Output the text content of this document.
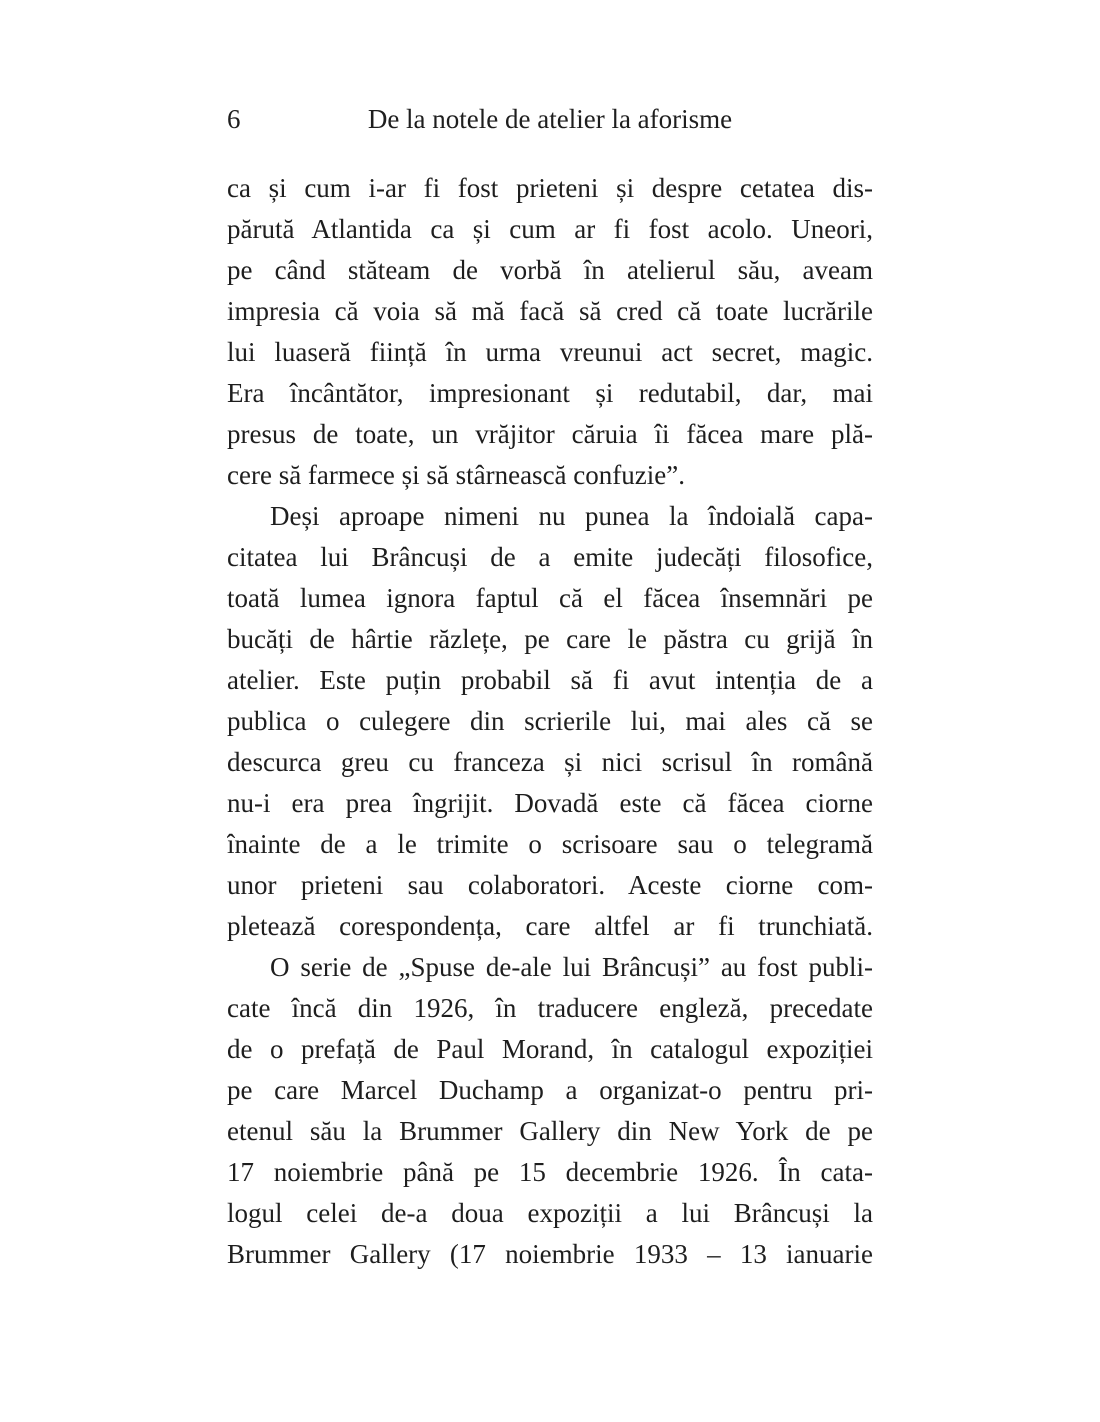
6	De la notele de atelier la aforisme

ca și cum i-ar fi fost prieteni și despre cetatea dis-
părută Atlantida ca și cum ar fi fost acolo. Uneori,
pe când stăteam de vorbă în atelierul său, aveam
impresia că voia să mă facă să cred că toate lucrările
lui luaseră ființă în urma vreunui act secret, magic.
Era încântător, impresionant și redutabil, dar, mai
presus de toate, un vrăjitor căruia îi făcea mare plă-
cere să farmece și să stârnească confuzie”.

Deși aproape nimeni nu punea la îndoială capa-
citatea lui Brâncuși de a emite judecăți filosofice,
toată lumea ignora faptul că el făcea însemnări pe
bucăți de hârtie răzlețe, pe care le păstra cu grijă în
atelier. Este puțin probabil să fi avut intenția de a
publica o culegere din scrierile lui, mai ales că se
descurca greu cu franceza și nici scrisul în română
nu-i era prea îngrijit. Dovadă este că făcea ciorne
înainte de a le trimite o scrisoare sau o telegramă
unor prieteni sau colaboratori. Aceste ciorne com-
pletează corespondența, care altfel ar fi trunchiată.

O serie de „Spuse de-ale lui Brâncuși” au fost publi-
cate încă din 1926, în traducere engleză, precedate
de o prefață de Paul Morand, în catalogul expoziției
pe care Marcel Duchamp a organizat-o pentru pri-
etenul său la Brummer Gallery din New York de pe
17 noiembrie până pe 15 decembrie 1926. În cata-
logul celei de-a doua expoziții a lui Brâncuși la
Brummer Gallery (17 noiembrie 1933 – 13 ianuarie
